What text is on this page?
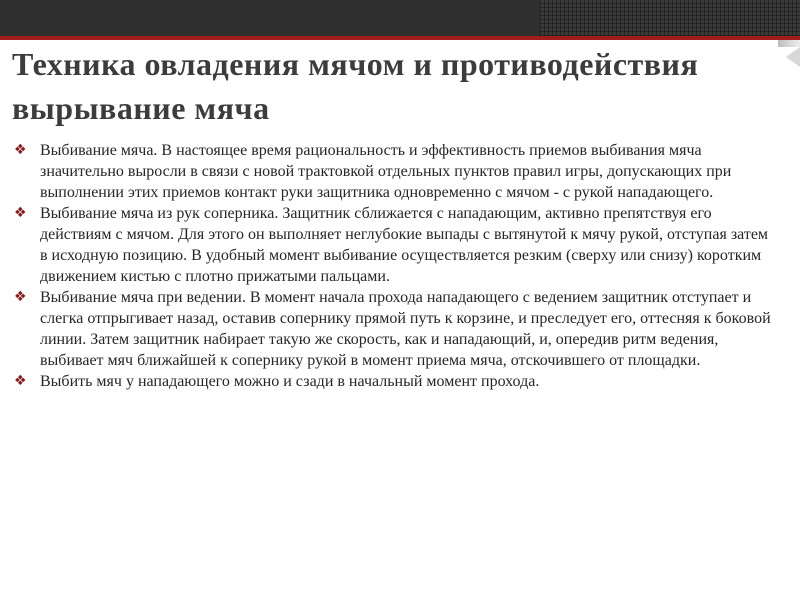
Техника овладения мячом и противодействия вырывание мяча
❖ Выбивание мяча. В настоящее время рациональность и эффективность приемов выбивания мяча значительно выросли в связи с новой трактовкой отдельных пунктов правил игры, допускающих при выполнении этих приемов контакт руки защитника одновременно с мячом - с рукой нападающего.
❖ Выбивание мяча из рук соперника. Защитник сближается с нападающим, активно препятствуя его действиям с мячом. Для этого он выполняет неглубокие выпады с вытянутой к мячу рукой, отступая затем в исходную позицию. В удобный момент выбивание осуществляется резким (сверху или снизу) коротким движением кистью с плотно прижатыми пальцами.
❖ Выбивание мяча при ведении. В момент начала прохода нападающего с ведением защитник отступает и слегка отпрыгивает назад, оставив сопернику прямой путь к корзине, и преследует его, оттесняя к боковой линии. Затем защитник набирает такую же скорость, как и нападающий, и, опередив ритм ведения, выбивает мяч ближайшей к сопернику рукой в момент приема мяча, отскочившего от площадки.
❖ Выбить мяч у нападающего можно и сзади в начальный момент прохода.
